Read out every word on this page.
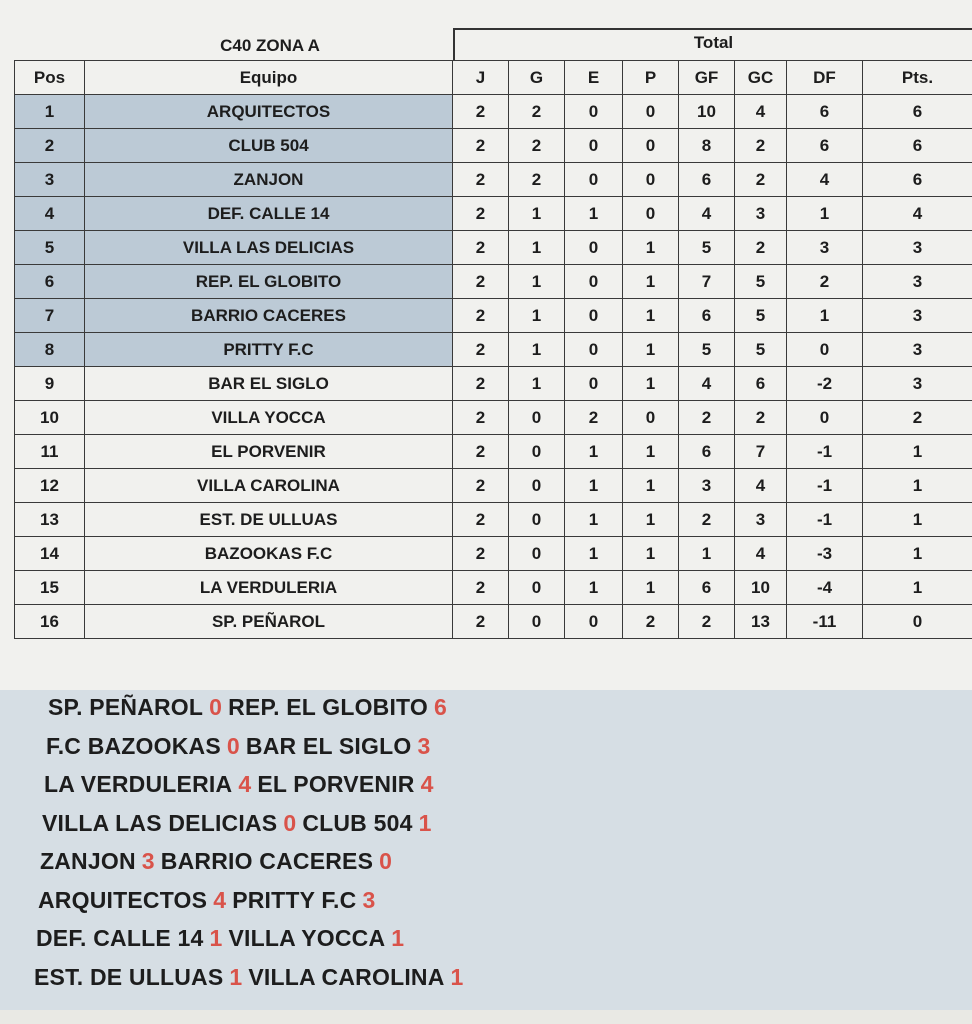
C40 ZONA A	Total
Pos	Equipo	J	G	E	P	GF	GC	DF	Pts.
1	ARQUITECTOS	2	2	0	0	10	4	6	6
2	CLUB 504	2	2	0	0	8	2	6	6
3	ZANJON	2	2	0	0	6	2	4	6
4	DEF. CALLE 14	2	1	1	0	4	3	1	4
5	VILLA LAS DELICIAS	2	1	0	1	5	2	3	3
6	REP. EL GLOBITO	2	1	0	1	7	5	2	3
7	BARRIO CACERES	2	1	0	1	6	5	1	3
8	PRITTY F.C	2	1	0	1	5	5	0	3
9	BAR EL SIGLO	2	1	0	1	4	6	-2	3
10	VILLA YOCCA	2	0	2	0	2	2	0	2
11	EL PORVENIR	2	0	1	1	6	7	-1	1
12	VILLA CAROLINA	2	0	1	1	3	4	-1	1
13	EST. DE ULLUAS	2	0	1	1	2	3	-1	1
14	BAZOOKAS F.C	2	0	1	1	1	4	-3	1
15	LA VERDULERIA	2	0	1	1	6	10	-4	1
16	SP. PEÑAROL	2	0	0	2	2	13	-11	0
SP. PEÑAROL 0 REP. EL GLOBITO 6
F.C BAZOOKAS 0 BAR EL SIGLO 3
LA VERDULERIA 4 EL PORVENIR 4
VILLA LAS DELICIAS 0 CLUB 504 1
ZANJON 3 BARRIO CACERES 0
ARQUITECTOS 4 PRITTY F.C 3
DEF. CALLE 14 1 VILLA YOCCA 1
EST. DE ULLUAS 1 VILLA CAROLINA 1
